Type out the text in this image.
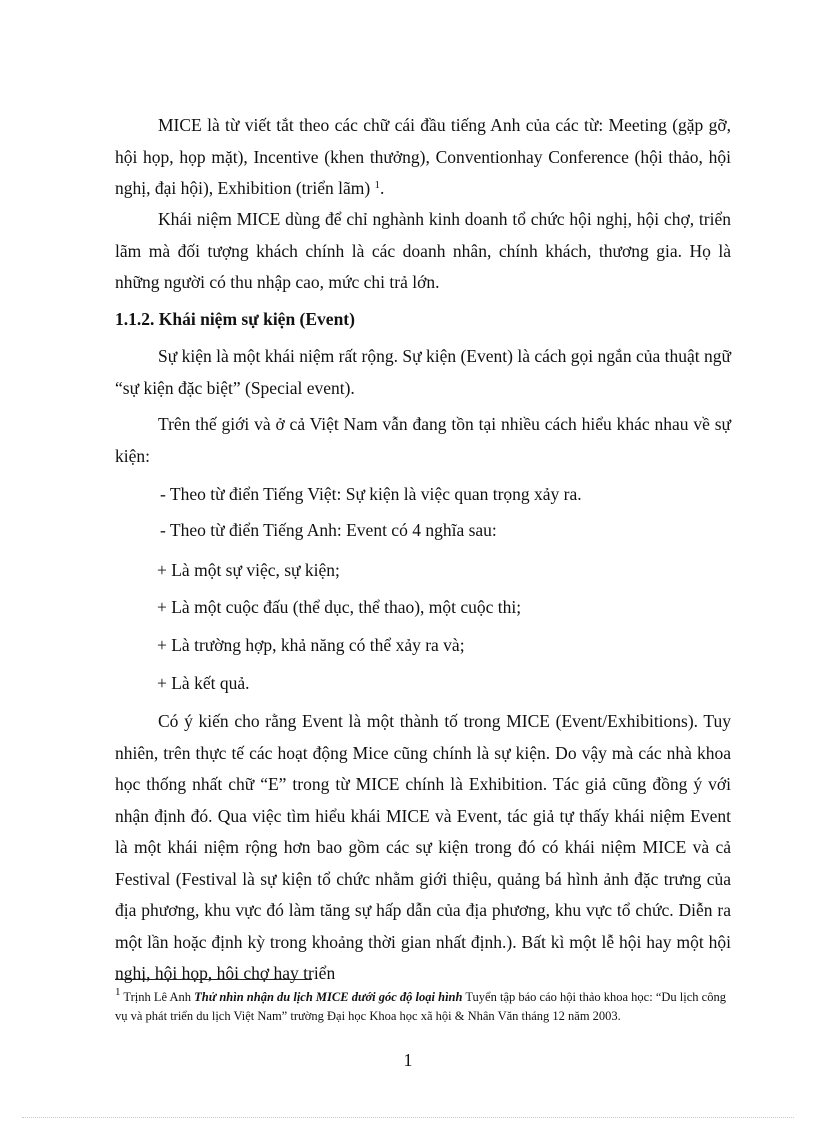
MICE là từ viết tắt theo các chữ cái đầu tiếng Anh của các từ: Meeting (gặp gỡ, hội họp, họp mặt), Incentive (khen thưởng), Conventionhay Conference (hội thảo, hội nghị, đại hội), Exhibition (triển lãm) $^1$.

Khái niệm MICE dùng để chỉ nghành kinh doanh tổ chức hội nghị, hội chợ, triển lãm mà đối tượng khách chính là các doanh nhân, chính khách, thương gia. Họ là những người có thu nhập cao, mức chi trả lớn.

1.1.2. Khái niệm sự kiện (Event)

Sự kiện là một khái niệm rất rộng. Sự kiện (Event) là cách gọi ngắn của thuật ngữ “sự kiện đặc biệt” (Special event).

Trên thế giới và ở cả Việt Nam vẫn đang tồn tại nhiều cách hiểu khác nhau về sự kiện:

- Theo từ điển Tiếng Việt: Sự kiện là việc quan trọng xảy ra.

- Theo từ điển Tiếng Anh: Event có 4 nghĩa sau:

+ Là một sự việc, sự kiện;

+ Là một cuộc đấu (thể dục, thể thao), một cuộc thi;

+ Là trường hợp, khả năng có thể xảy ra và;

+ Là kết quả.

Có ý kiến cho rằng Event là một thành tố trong MICE (Event/Exhibitions). Tuy nhiên, trên thực tế các hoạt động Mice cũng chính là sự kiện. Do vậy mà các nhà khoa học thống nhất chữ “E” trong từ MICE chính là Exhibition. Tác giả cũng đồng ý với nhận định đó. Qua việc tìm hiểu khái MICE và Event, tác giả tự thấy khái niệm Event là một khái niệm rộng hơn bao gồm các sự kiện trong đó có khái niệm MICE và cả Festival (Festival là sự kiện tổ chức nhằm giới thiệu, quảng bá hình ảnh đặc trưng của địa phương, khu vực đó làm tăng sự hấp dẫn của địa phương, khu vực tổ chức. Diễn ra một lần hoặc định kỳ trong khoảng thời gian nhất định.). Bất kì một lễ hội hay một hội nghị, hội họp, hôi chợ hay triển

$^1$ Trịnh Lê Anh Thử nhìn nhận du lịch MICE dưới góc độ loại hình Tuyển tập báo cáo hội thảo khoa học: “Du lịch công vụ và phát triển du lịch Việt Nam” trường Đại học Khoa học xã hội & Nhân Văn tháng 12 năm 2003.

1
